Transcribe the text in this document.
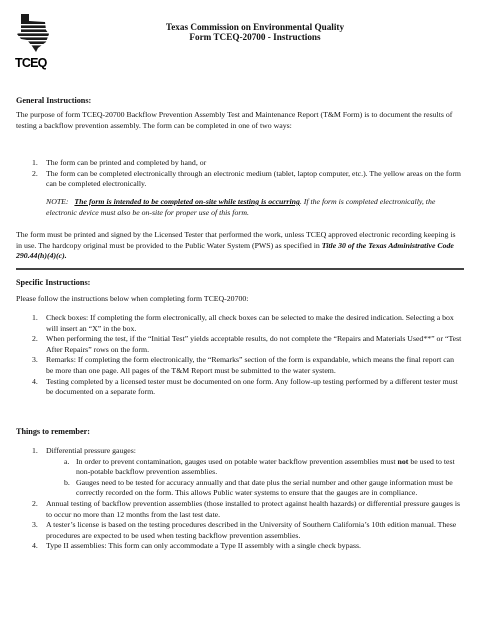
TCEQ
Texas Commission on Environmental Quality
Form TCEQ-20700 - Instructions
General Instructions:

The purpose of form TCEQ-20700 Backflow Prevention Assembly Test and Maintenance Report (T&M Form) is to document the results of testing a backflow prevention assembly. The form can be completed in one of two ways:

1. The form can be printed and completed by hand, or
2. The form can be completed electronically through an electronic medium (tablet, laptop computer, etc.). The yellow areas on the form can be completed electronically.

NOTE: The form is intended to be completed on-site while testing is occurring. If the form is completed electronically, the electronic device must also be on-site for proper use of this form.

The form must be printed and signed by the Licensed Tester that performed the work, unless TCEQ approved electronic recording keeping is in use. The hardcopy original must be provided to the Public Water System (PWS) as specified in Title 30 of the Texas Administrative Code 290.44(h)(4)(c).

Specific Instructions:

Please follow the instructions below when completing form TCEQ-20700:

1. Check boxes: If completing the form electronically, all check boxes can be selected to make the desired indication. Selecting a box will insert an “X” in the box.
2. When performing the test, if the “Initial Test” yields acceptable results, do not complete the “Repairs and Materials Used**” or “Test After Repairs” rows on the form.
3. Remarks: If completing the form electronically, the “Remarks” section of the form is expandable, which means the final report can be more than one page. All pages of the T&M Report must be submitted to the water system.
4. Testing completed by a licensed tester must be documented on one form. Any follow-up testing performed by a different tester must be documented on a separate form.
Things to remember:
1. Differential pressure gauges:
a. In order to prevent contamination, gauges used on potable water backflow prevention assemblies must not be used to test non-potable backflow prevention assemblies.
b. Gauges need to be tested for accuracy annually and that date plus the serial number and other gauge information must be correctly recorded on the form. This allows Public water systems to ensure that the gauges are in compliance.
2. Annual testing of backflow prevention assemblies (those installed to protect against health hazards) or differential pressure gauges is to occur no more than 12 months from the last test date.
3. A tester’s license is based on the testing procedures described in the University of Southern California’s 10th edition manual. These procedures are expected to be used when testing backflow prevention assemblies.
4. Type II assemblies: This form can only accommodate a Type II assembly with a single check bypass.
